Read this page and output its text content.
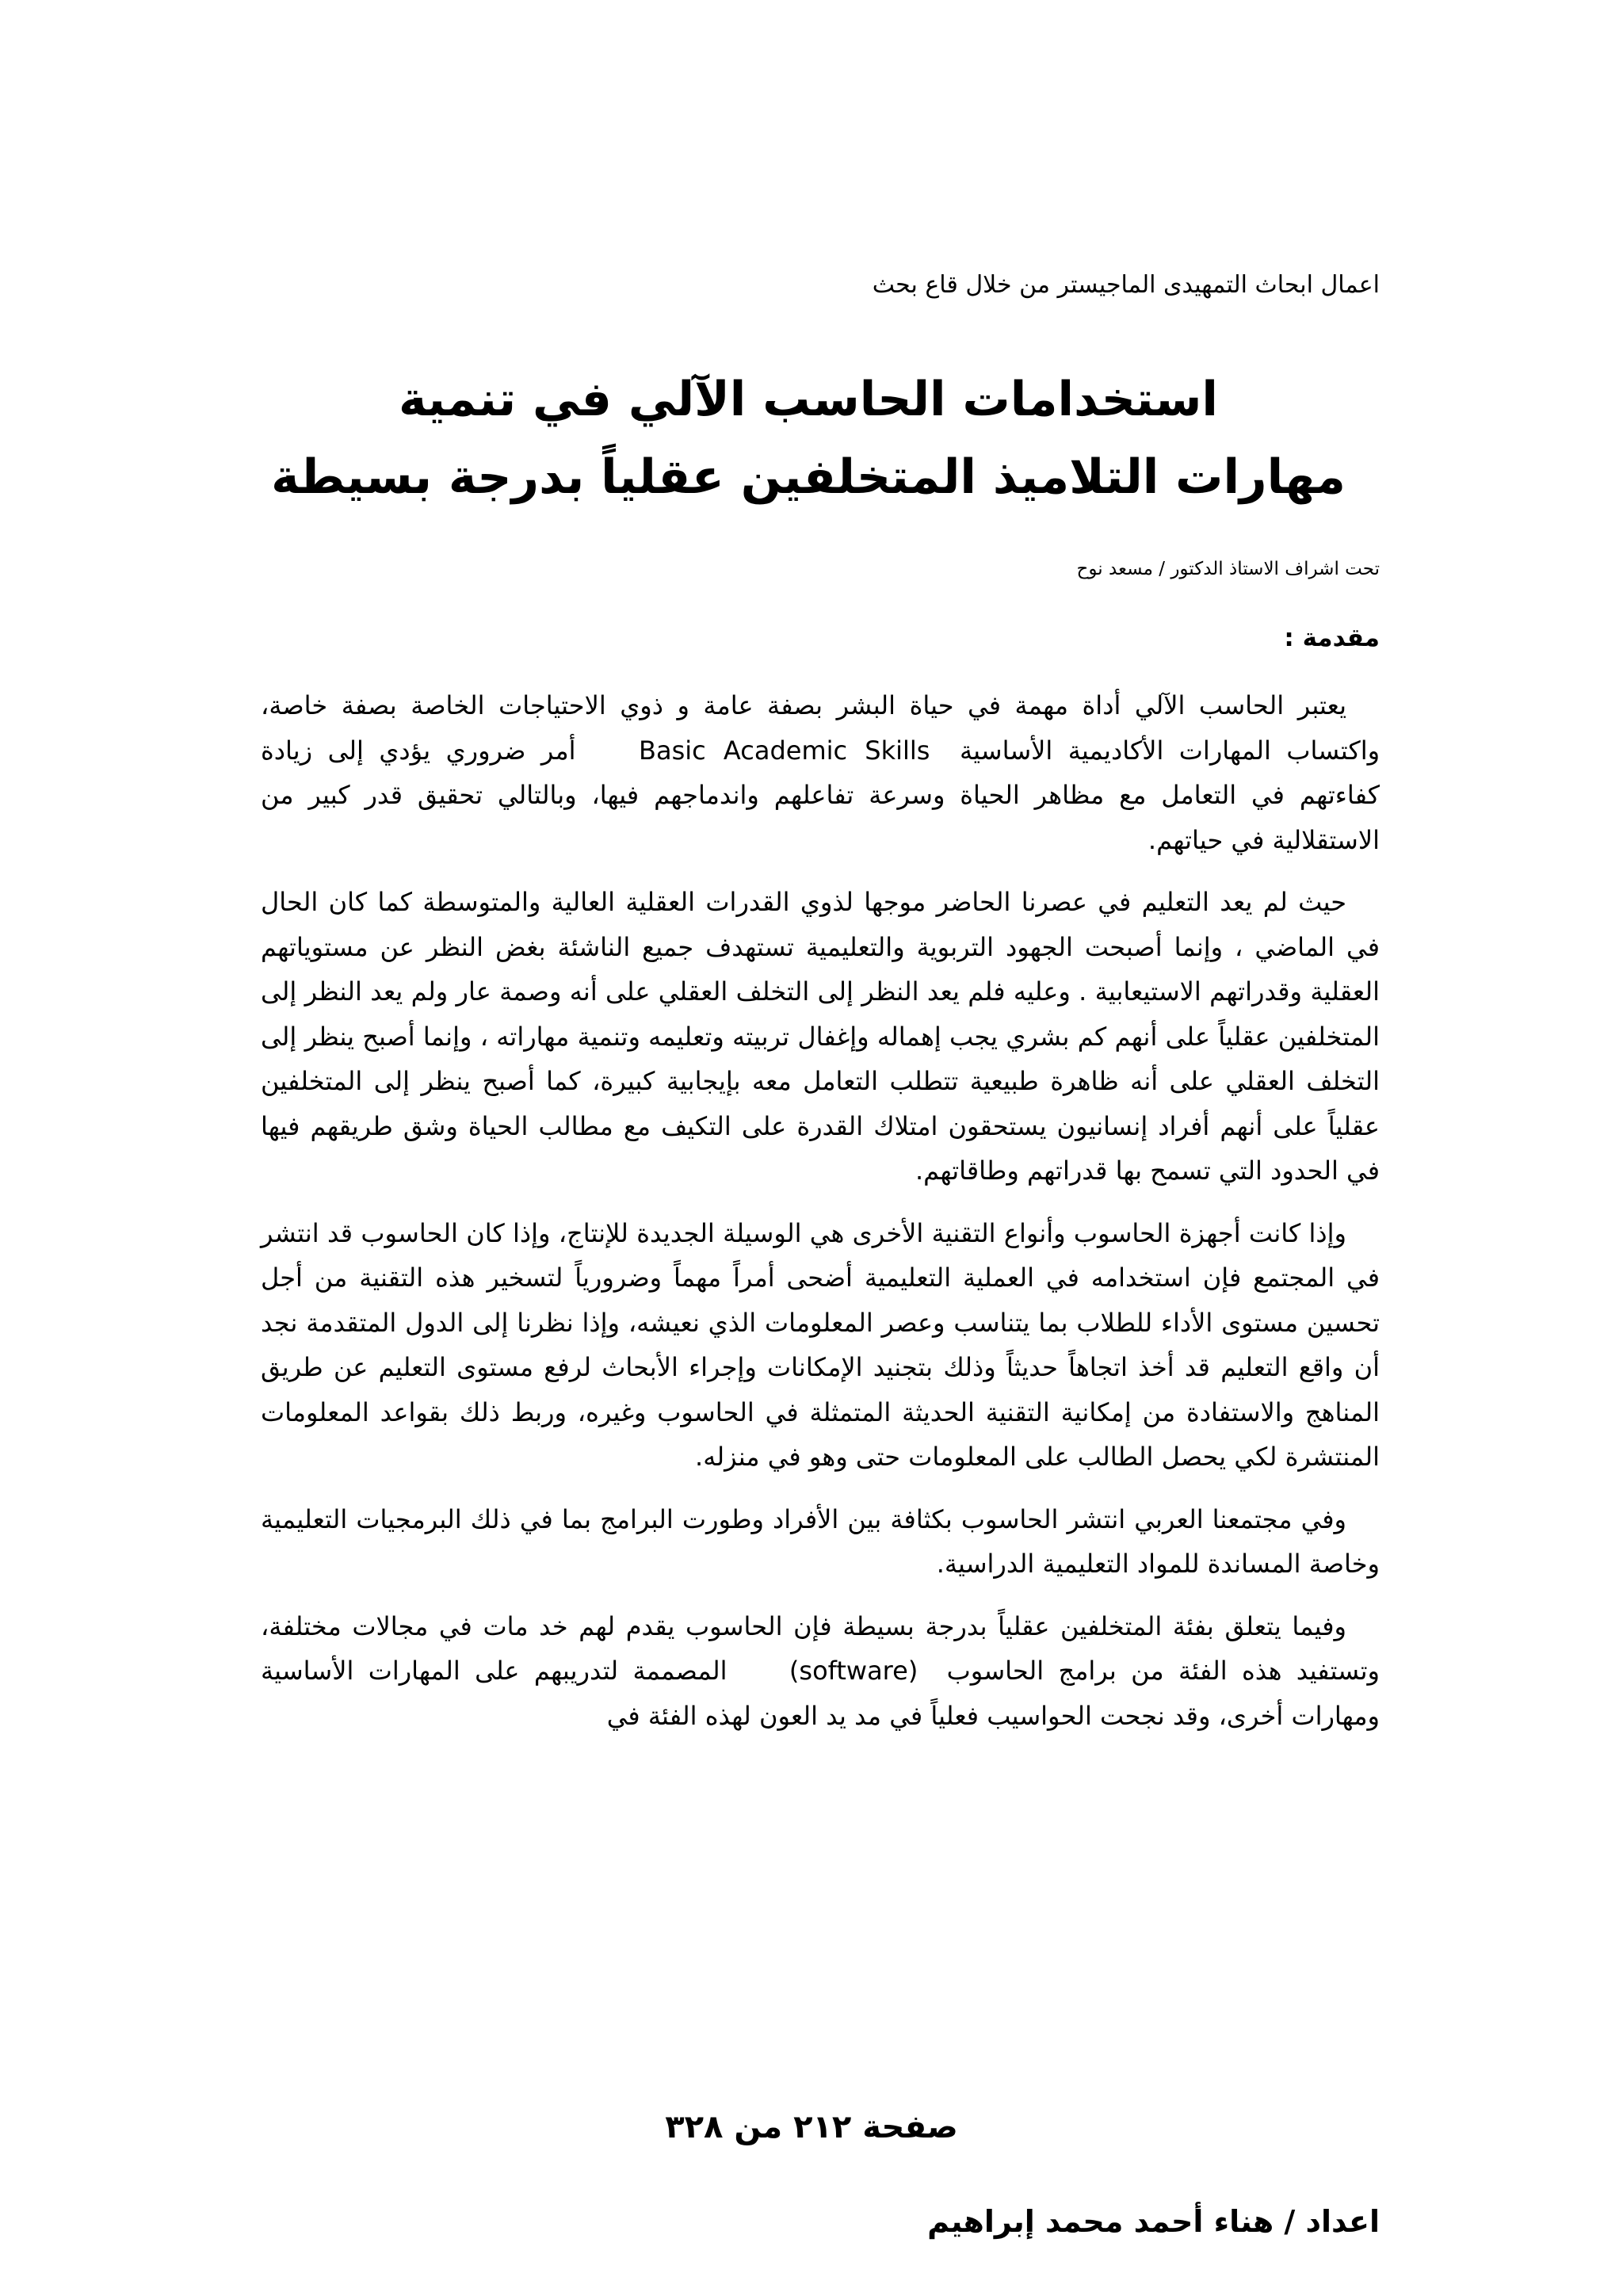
اعمال ابحاث التمهيدى الماجيستر من خلال قاع بحث
استخدامات الحاسب الآلي في تنمية
مهارات التلاميذ المتخلفين عقلياً بدرجة بسيطة
تحت اشراف الاستاذ الدكتور / مسعد نوح
مقدمة :

يعتبر الحاسب الآلي أداة مهمة في حياة البشر بصفة عامة و ذوي الاحتياجات الخاصة بصفة خاصة، واكتساب المهارات الأكاديمية الأساسية Basic Academic Skills أمر ضروري يؤدي إلى زيادة كفاءتهم في التعامل مع مظاهر الحياة وسرعة تفاعلهم واندماجهم فيها، وبالتالي تحقيق قدر كبير من الاستقلالية في حياتهم.

حيث لم يعد التعليم في عصرنا الحاضر موجها لذوي القدرات العقلية العالية والمتوسطة كما كان الحال في الماضي ، وإنما أصبحت الجهود التربوية والتعليمية تستهدف جميع الناشئة بغض النظر عن مستوياتهم العقلية وقدراتهم الاستيعابية . وعليه فلم يعد النظر إلى التخلف العقلي على أنه وصمة عار ولم يعد النظر إلى المتخلفين عقلياً على أنهم كم بشري يجب إهماله وإغفال تربيته وتعليمه وتنمية مهاراته ، وإنما أصبح ينظر إلى التخلف العقلي على أنه ظاهرة طبيعية تتطلب التعامل معه بإيجابية كبيرة، كما أصبح ينظر إلى المتخلفين عقلياً على أنهم أفراد إنسانيون يستحقون امتلاك القدرة على التكيف مع مطالب الحياة وشق طريقهم فيها في الحدود التي تسمح بها قدراتهم وطاقاتهم.

وإذا كانت أجهزة الحاسوب وأنواع التقنية الأخرى هي الوسيلة الجديدة للإنتاج، وإذا كان الحاسوب قد انتشر في المجتمع فإن استخدامه في العملية التعليمية أضحى أمراً مهماً وضرورياً لتسخير هذه التقنية من أجل تحسين مستوى الأداء للطلاب بما يتناسب وعصر المعلومات الذي نعيشه، وإذا نظرنا إلى الدول المتقدمة نجد أن واقع التعليم قد أخذ اتجاهاً حديثاً وذلك بتجنيد الإمكانات وإجراء الأبحاث لرفع مستوى التعليم عن طريق المناهج والاستفادة من إمكانية التقنية الحديثة المتمثلة في الحاسوب وغيره، وربط ذلك بقواعد المعلومات المنتشرة لكي يحصل الطالب على المعلومات حتى وهو في منزله.

وفي مجتمعنا العربي انتشر الحاسوب بكثافة بين الأفراد وطورت البرامج بما في ذلك البرمجيات التعليمية وخاصة المساندة للمواد التعليمية الدراسية.

وفيما يتعلق بفئة المتخلفين عقلياً بدرجة بسيطة فإن الحاسوب يقدم لهم خد مات في مجالات مختلفة، وتستفيد هذه الفئة من برامج الحاسوب (software) المصممة لتدريبهم على المهارات الأساسية ومهارات أخرى، وقد نجحت الحواسيب فعلياً في مد يد العون لهذه الفئة في

صفحة ٢١٢ من ٣٢٨
اعداد / هناء أحمد محمد إبراهيم
